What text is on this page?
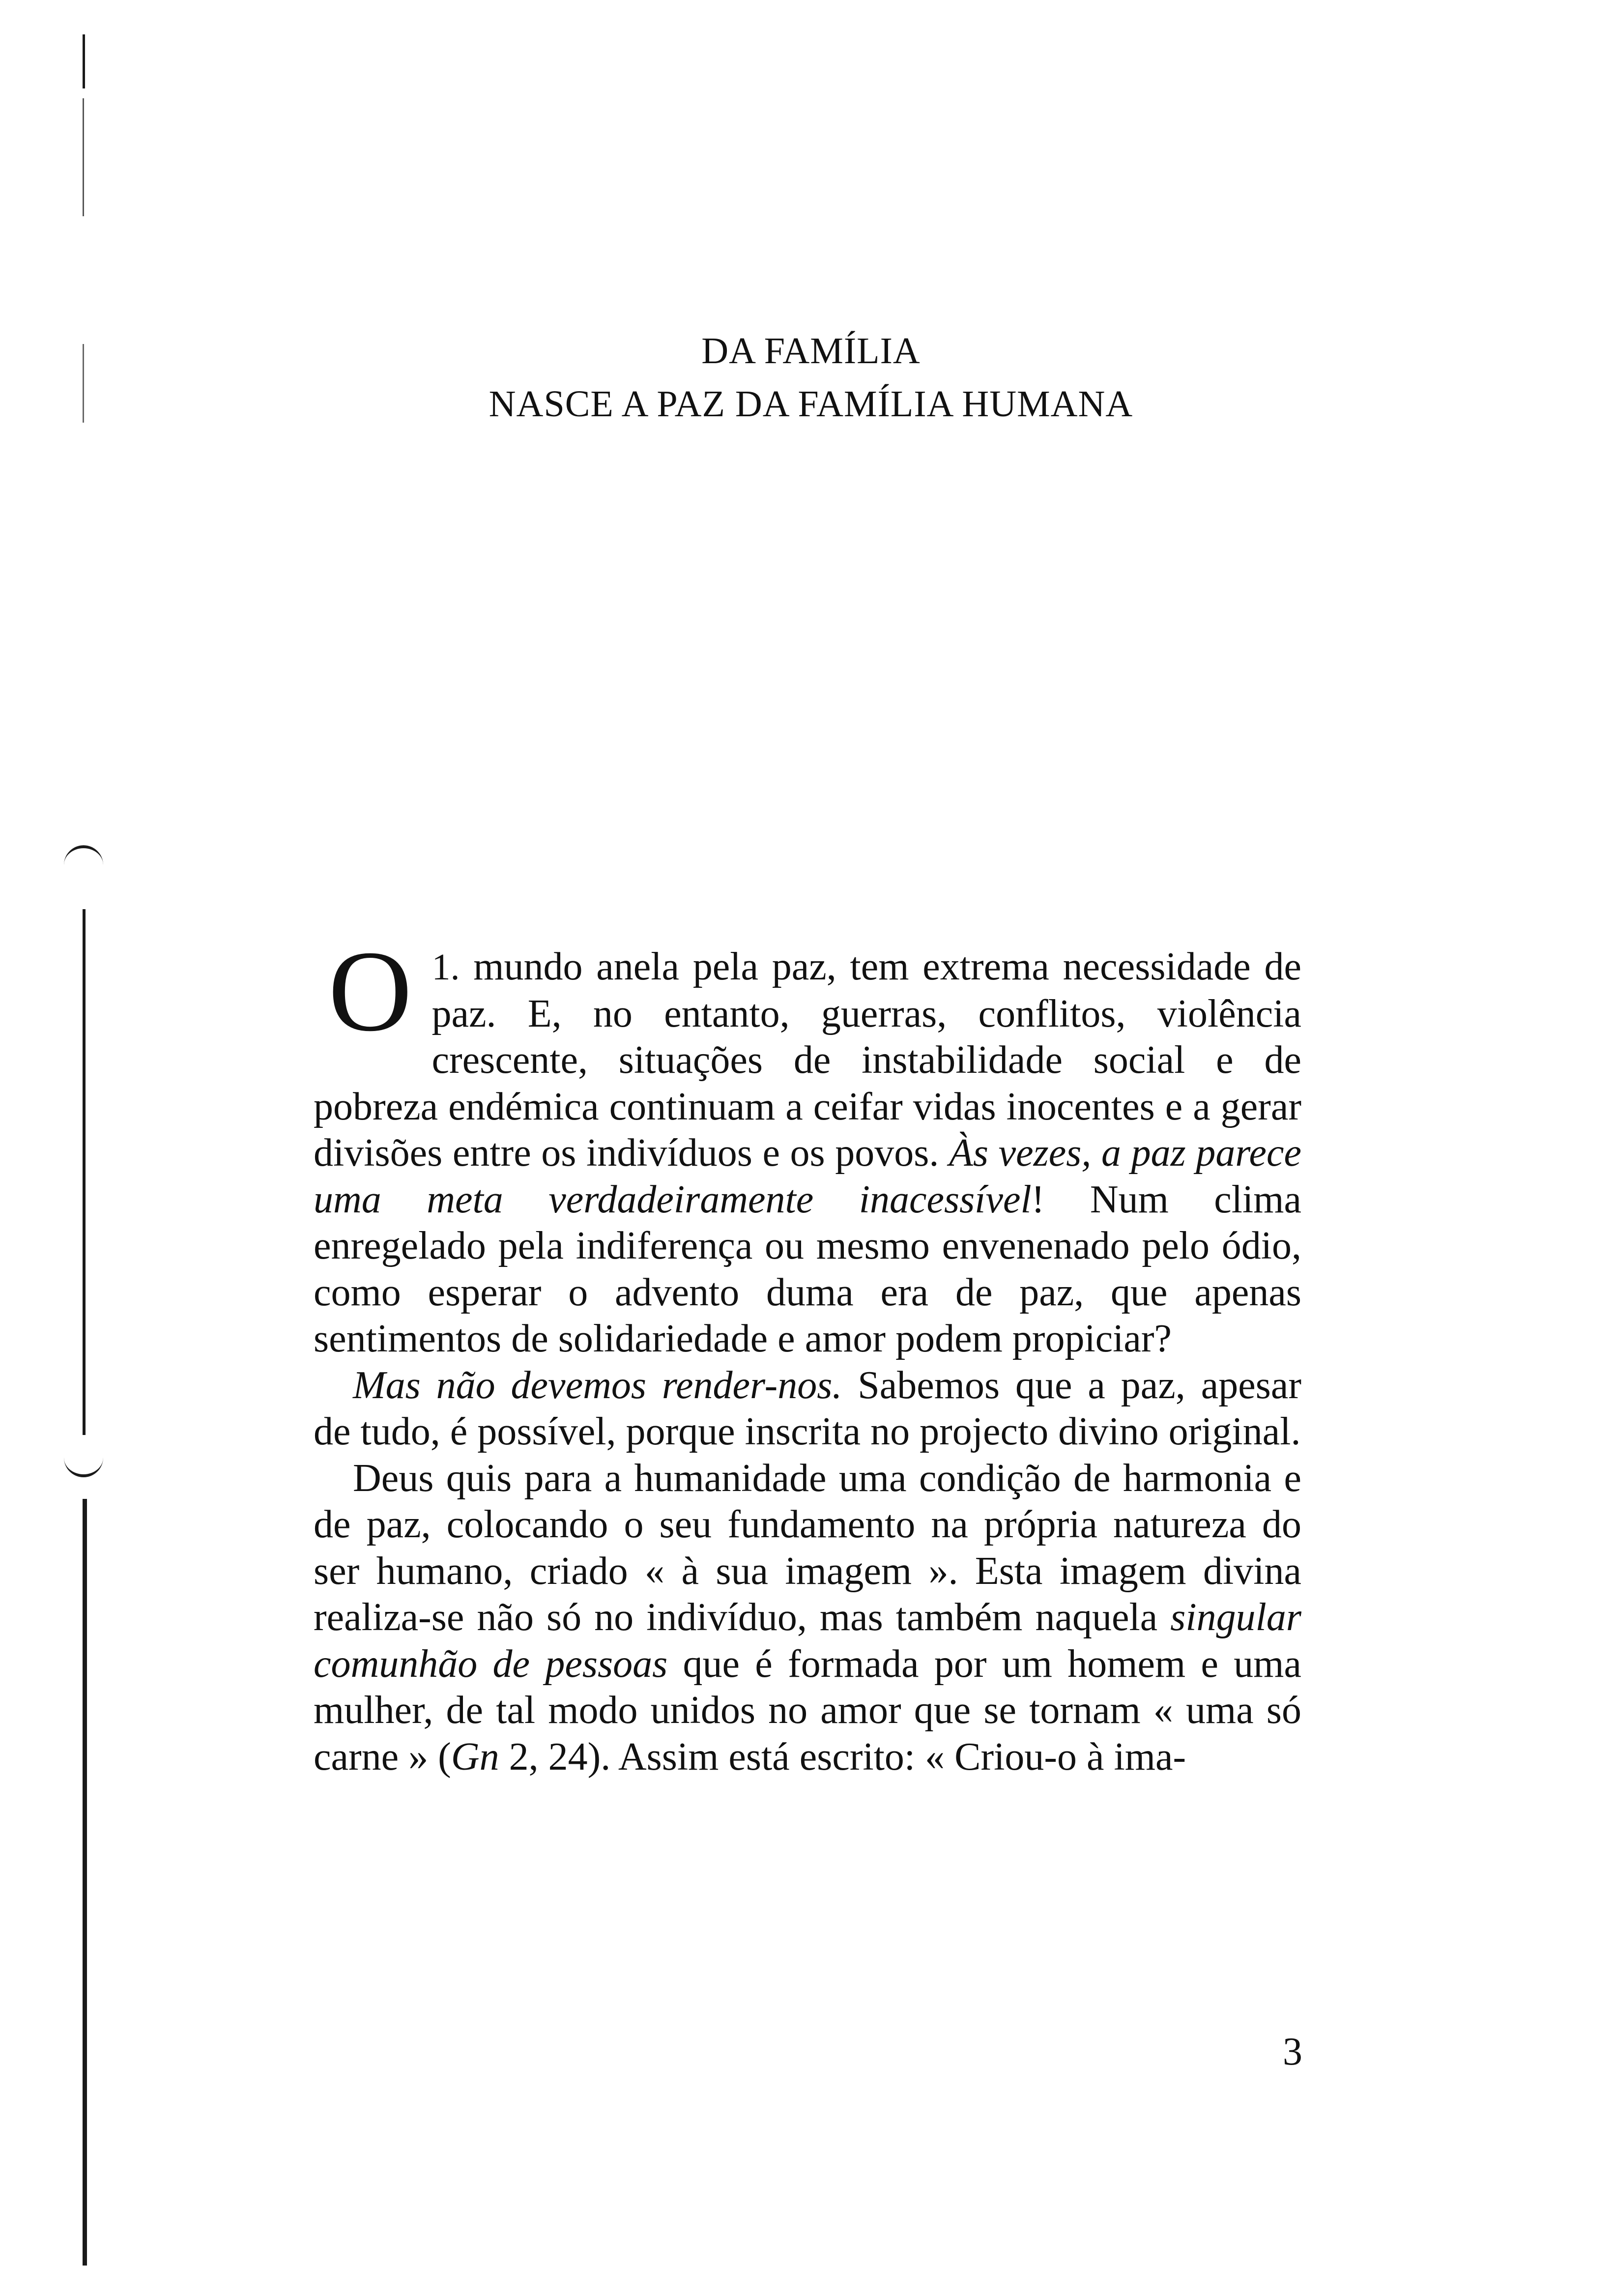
DA FAMÍLIA
NASCE A PAZ DA FAMÍLIA HUMANA

1.
O mundo anela pela paz, tem extrema necessidade de paz. E, no entanto, guerras, conflitos, violência crescente, situações de instabilidade social e de pobreza endémica continuam a ceifar vidas inocentes e a gerar divisões entre os indivíduos e os povos. Às vezes, a paz parece uma meta verdadeiramente inacessível! Num clima enregelado pela indiferença ou mesmo envenenado pelo ódio, como esperar o advento duma era de paz, que apenas sentimentos de solidariedade e amor podem propiciar?

Mas não devemos render-nos. Sabemos que a paz, apesar de tudo, é possível, porque inscrita no projecto divino original.

Deus quis para a humanidade uma condição de harmonia e de paz, colocando o seu fundamento na própria natureza do ser humano, criado « à sua imagem ». Esta imagem divina realiza-se não só no indivíduo, mas também naquela singular comunhão de pessoas que é formada por um homem e uma mulher, de tal modo unidos no amor que se tornam « uma só carne » (Gn 2, 24). Assim está escrito: « Criou-o à ima-

3
